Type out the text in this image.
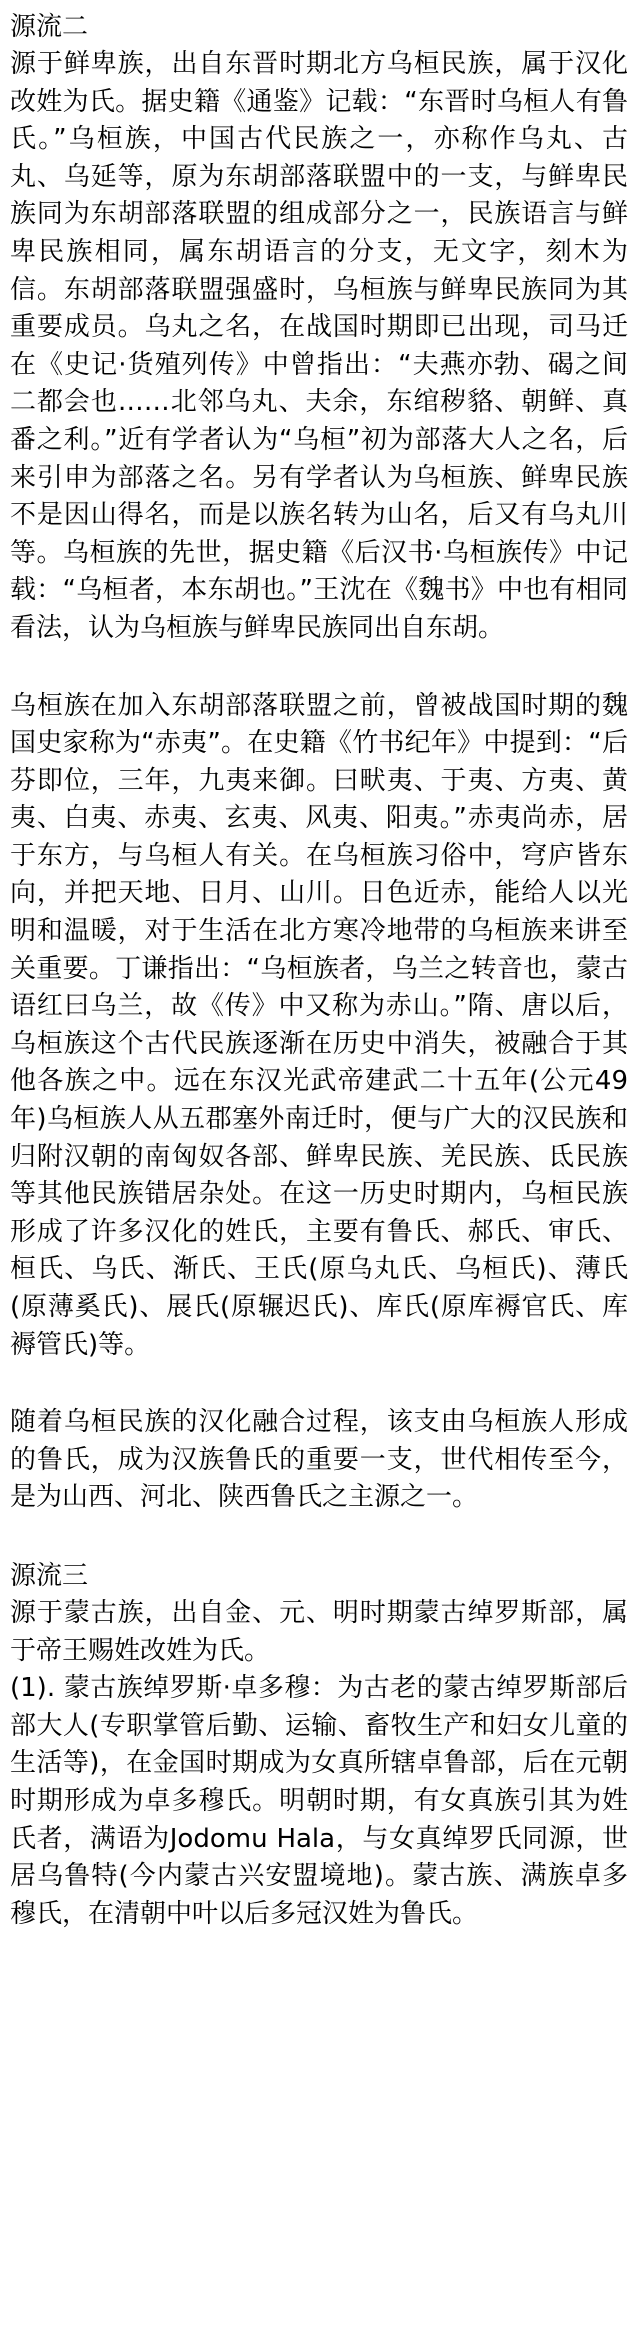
源流二

源于鲜卑族，出自东晋时期北方乌桓民族，属于汉化改姓为氏。据史籍《通鉴》记载：“东晋时乌桓人有鲁氏。”乌桓族，中国古代民族之一，亦称作乌丸、古丸、乌延等，原为东胡部落联盟中的一支，与鲜卑民族同为东胡部落联盟的组成部分之一，民族语言与鲜卑民族相同，属东胡语言的分支，无文字，刻木为信。东胡部落联盟强盛时，乌桓族与鲜卑民族同为其重要成员。乌丸之名，在战国时期即已出现，司马迁在《史记·货殖列传》中曾指出：“夫燕亦勃、碣之间二都会也……北邻乌丸、夫余，东绾秽貉、朝鲜、真番之利。”近有学者认为“乌桓”初为部落大人之名，后来引申为部落之名。另有学者认为乌桓族、鲜卑民族不是因山得名，而是以族名转为山名，后又有乌丸川等。乌桓族的先世，据史籍《后汉书·乌桓族传》中记载：“乌桓者，本东胡也。”王沈在《魏书》中也有相同看法，认为乌桓族与鲜卑民族同出自东胡。

乌桓族在加入东胡部落联盟之前，曾被战国时期的魏国史家称为“赤夷”。在史籍《竹书纪年》中提到：“后芬即位，三年，九夷来御。曰畎夷、于夷、方夷、黄夷、白夷、赤夷、玄夷、风夷、阳夷。”赤夷尚赤，居于东方，与乌桓人有关。在乌桓族习俗中，穹庐皆东向，并把天地、日月、山川。日色近赤，能给人以光明和温暖，对于生活在北方寒冷地带的乌桓族来讲至关重要。丁谦指出：“乌桓族者，乌兰之转音也，蒙古语红曰乌兰，故《传》中又称为赤山。”隋、唐以后，乌桓族这个古代民族逐渐在历史中消失，被融合于其他各族之中。远在东汉光武帝建武二十五年(公元49年)乌桓族人从五郡塞外南迁时，便与广大的汉民族和归附汉朝的南匈奴各部、鲜卑民族、羌民族、氐民族等其他民族错居杂处。在这一历史时期内，乌桓民族形成了许多汉化的姓氏，主要有鲁氏、郝氏、审氏、桓氏、乌氏、渐氏、王氏(原乌丸氏、乌桓氏)、薄氏(原薄奚氏)、展氏(原辗迟氏)、库氏(原库褥官氏、库褥管氏)等。

随着乌桓民族的汉化融合过程，该支由乌桓族人形成的鲁氏，成为汉族鲁氏的重要一支，世代相传至今，是为山西、河北、陕西鲁氏之主源之一。

源流三

源于蒙古族，出自金、元、明时期蒙古绰罗斯部，属于帝王赐姓改姓为氏。

(1). 蒙古族绰罗斯·卓多穆：为古老的蒙古绰罗斯部后部大人(专职掌管后勤、运输、畜牧生产和妇女儿童的生活等)，在金国时期成为女真所辖卓鲁部，后在元朝时期形成为卓多穆氏。明朝时期，有女真族引其为姓氏者，满语为Jodomu Hala，与女真绰罗氏同源，世居乌鲁特(今内蒙古兴安盟境地)。蒙古族、满族卓多穆氏，在清朝中叶以后多冠汉姓为鲁氏。
